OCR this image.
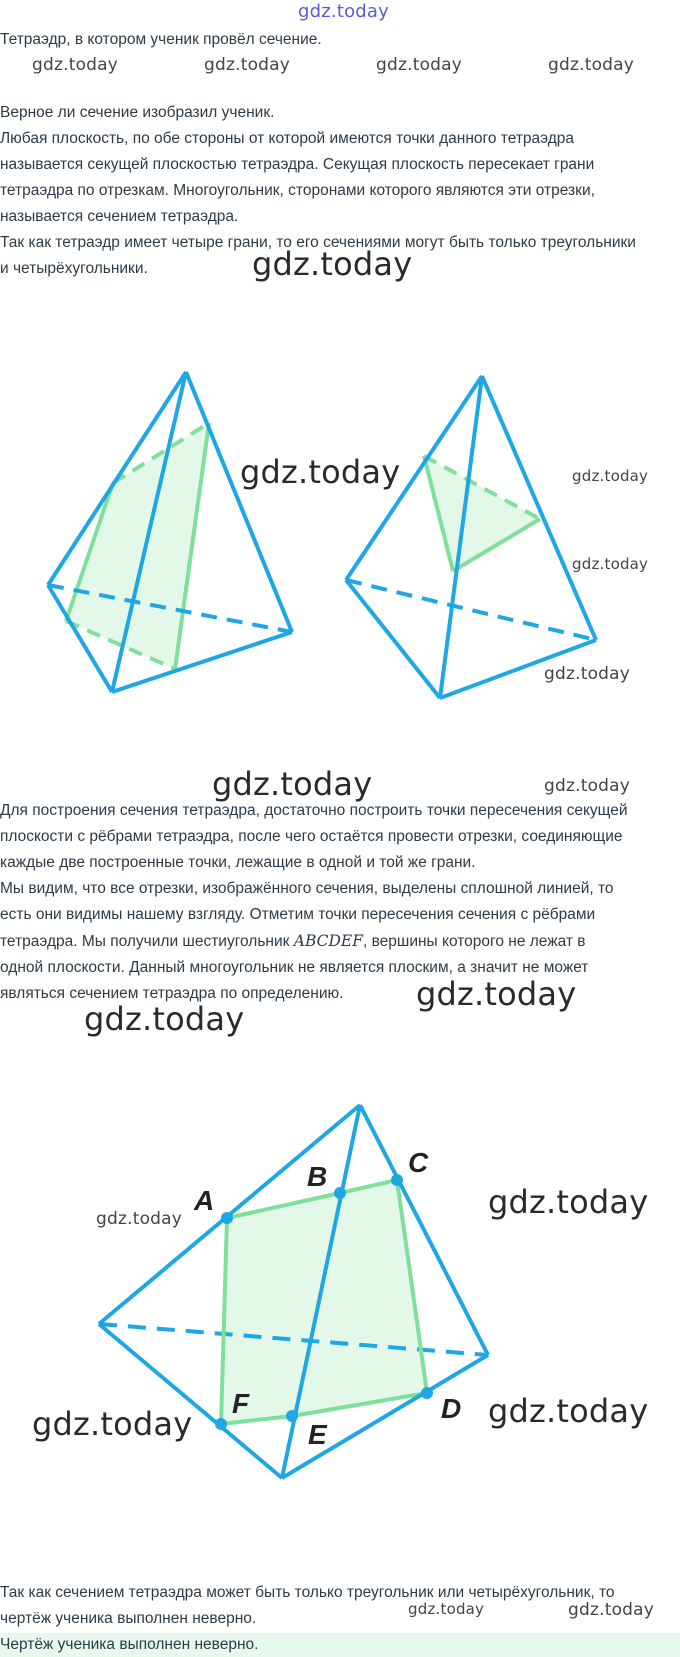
gdz.today
gdz.today	gdz.today	gdz.today	gdz.today
gdz.today
gdz.today	gdz.today
gdz.today
gdz.today
gdz.today	gdz.today
gdz.today
gdz.today
gdz.today
gdz.today
gdz.today	gdz.today
gdz.today	gdz.today

Тетраэдр, в котором ученик провёл сечение.

Верное ли сечение изобразил ученик.

Любая плоскость, по обе стороны от которой имеются точки данного тетраэдра

называется секущей плоскостью тетраэдра. Секущая плоскость пересекает грани

тетраэдра по отрезкам. Многоугольник, сторонами которого являются эти отрезки,

называется сечением тетраэдра.

Так как тетраэдр имеет четыре грани, то его сечениями могут быть только треугольники

и четырёхугольники.

Для построения сечения тетраэдра, достаточно построить точки пересечения секущей

плоскости с рёбрами тетраэдра, после чего остаётся провести отрезки, соединяющие

каждые две построенные точки, лежащие в одной и той же грани.

Мы видим, что все отрезки, изображённого сечения, выделены сплошной линией, то

есть они видимы нашему взгляду. Отметим точки пересечения сечения с рёбрами

тетраэдра. Мы получили шестиугольник ABCDEF, вершины которого не лежат в

одной плоскости. Данный многоугольник не является плоским, а значит не может

являться сечением тетраэдра по определению.

A
B	C
D
E
F

Так как сечением тетраэдра может быть только треугольник или четырёхугольник, то

чертёж ученика выполнен неверно.

Чертёж ученика выполнен неверно.
